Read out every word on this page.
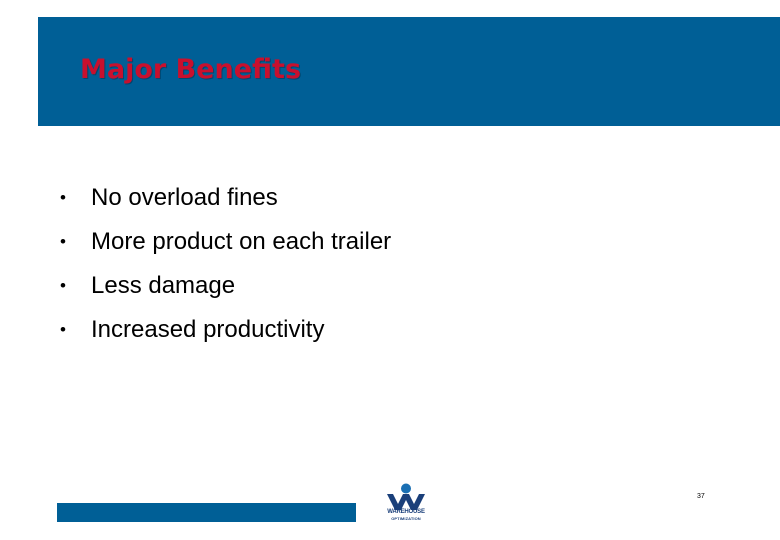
Major Benefits
•	No overload fines
•	More product on each trailer
•	Less damage
•	Increased productivity
WAREHOUSE
OPTIMIZATION
37
